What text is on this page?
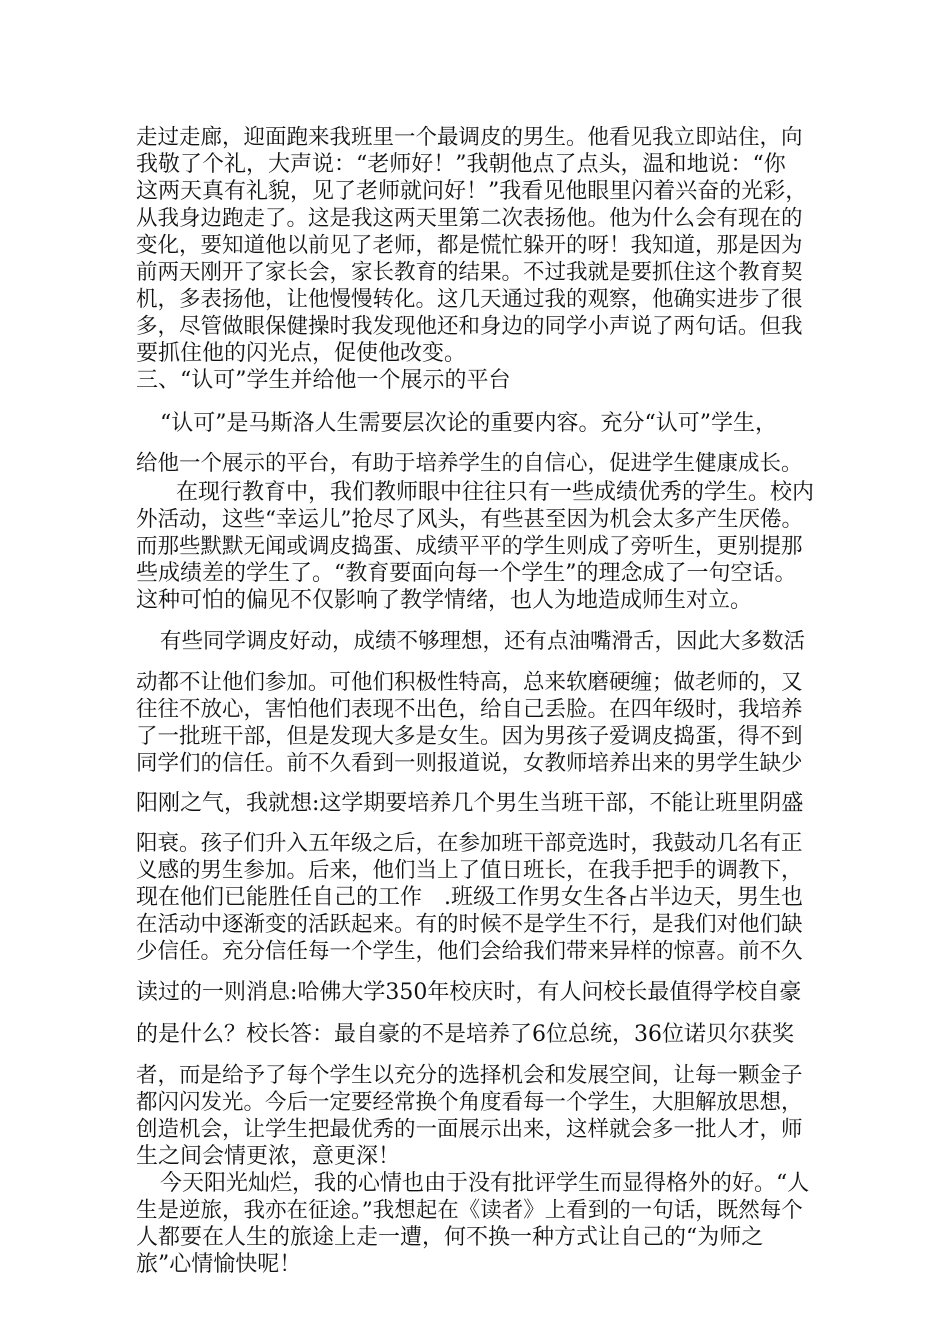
走过走廊，迎面跑来我班里一个最调皮的男生。他看见我立即站住，向
我敬了个礼，大声说：“老师好！”我朝他点了点头，温和地说：“你
这两天真有礼貌，见了老师就问好！”我看见他眼里闪着兴奋的光彩，
从我身边跑走了。这是我这两天里第二次表扬他。他为什么会有现在的
变化，要知道他以前见了老师，都是慌忙躲开的呀！我知道，那是因为
前两天刚开了家长会，家长教育的结果。不过我就是要抓住这个教育契
机，多表扬他，让他慢慢转化。这几天通过我的观察，他确实进步了很
多，尽管做眼保健操时我发现他还和身边的同学小声说了两句话。但我
要抓住他的闪光点，促使他改变。
三、“认可”学生并给他一个展示的平台
“认可”是马斯洛人生需要层次论的重要内容。充分“认可”学生，
给他一个展示的平台，有助于培养学生的自信心，促进学生健康成长。
在现行教育中，我们教师眼中往往只有一些成绩优秀的学生。校内
外活动，这些“幸运儿”抢尽了风头，有些甚至因为机会太多产生厌倦。
而那些默默无闻或调皮捣蛋、成绩平平的学生则成了旁听生，更别提那
些成绩差的学生了。“教育要面向每一个学生”的理念成了一句空话。
这种可怕的偏见不仅影响了教学情绪，也人为地造成师生对立。
有些同学调皮好动，成绩不够理想，还有点油嘴滑舌，因此大多数活
动都不让他们参加。可他们积极性特高，总来软磨硬缠；做老师的，又
往往不放心，害怕他们表现不出色，给自己丢脸。在四年级时，我培养
了一批班干部，但是发现大多是女生。因为男孩子爱调皮捣蛋，得不到
同学们的信任。前不久看到一则报道说，女教师培养出来的男学生缺少
阳刚之气，我就想:这学期要培养几个男生当班干部，不能让班里阴盛
阳衰。孩子们升入五年级之后，在参加班干部竞选时，我鼓动几名有正
义感的男生参加。后来，他们当上了值日班长，在我手把手的调教下，
现在他们已能胜任自己的工作　.班级工作男女生各占半边天，男生也
在活动中逐渐变的活跃起来。有的时候不是学生不行，是我们对他们缺
少信任。充分信任每一个学生，他们会给我们带来异样的惊喜。前不久
读过的一则消息:哈佛大学350年校庆时，有人问校长最值得学校自豪
的是什么？校长答：最自豪的不是培养了6位总统，36位诺贝尔获奖
者，而是给予了每个学生以充分的选择机会和发展空间，让每一颗金子
都闪闪发光。今后一定要经常换个角度看每一个学生，大胆解放思想，
创造机会，让学生把最优秀的一面展示出来，这样就会多一批人才，师
生之间会情更浓，意更深！
今天阳光灿烂，我的心情也由于没有批评学生而显得格外的好。“人
生是逆旅，我亦在征途。”我想起在《读者》上看到的一句话，既然每个
人都要在人生的旅途上走一遭，何不换一种方式让自己的“为师之
旅”心情愉快呢！
